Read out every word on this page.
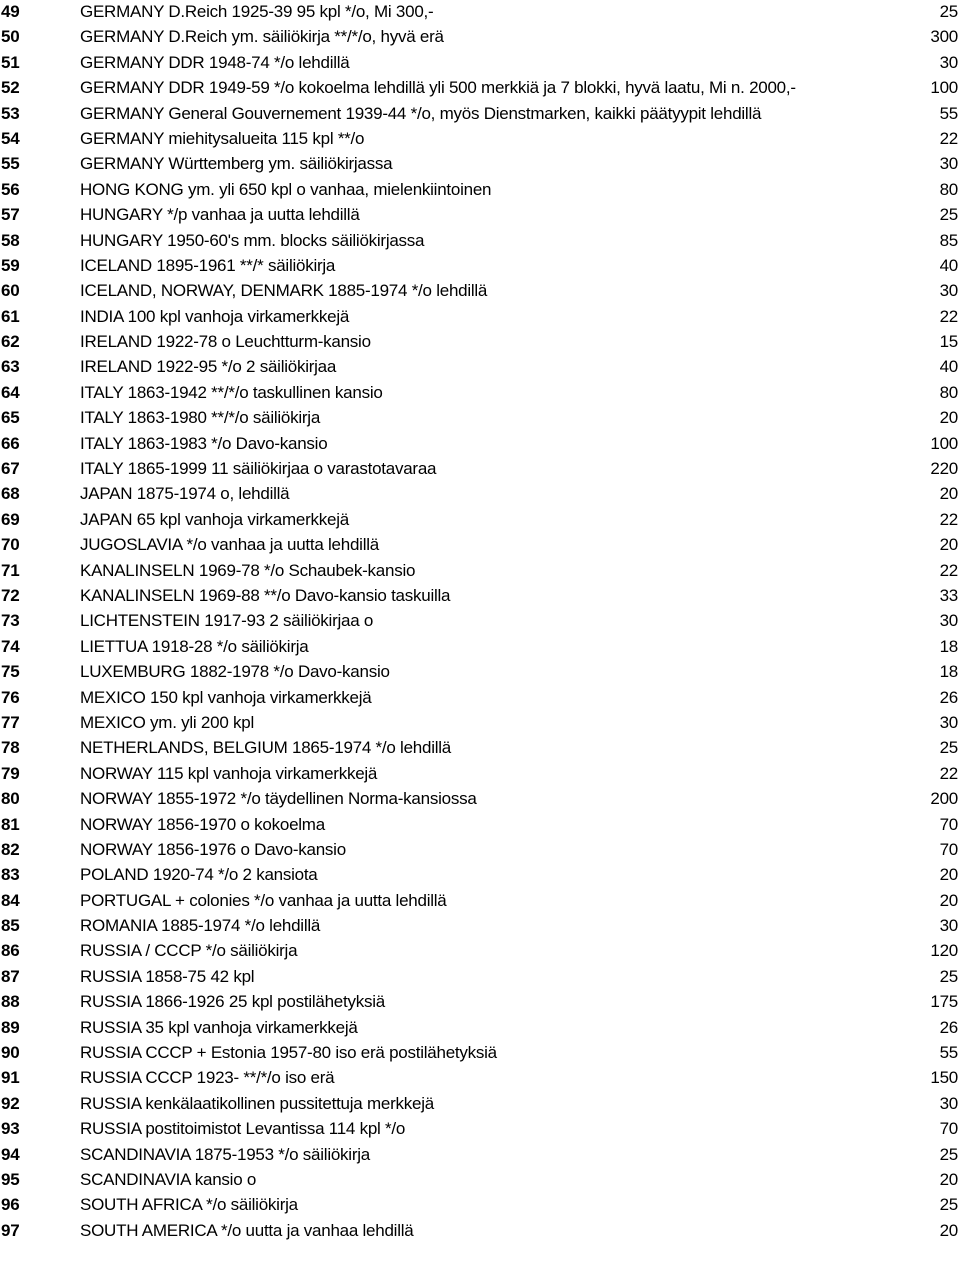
49	GERMANY D.Reich 1925-39 95 kpl */o, Mi 300,-	25
50	GERMANY D.Reich ym. säiliökirja **/*/o, hyvä erä	300
51	GERMANY DDR 1948-74 */o lehdillä	30
52	GERMANY DDR 1949-59 */o kokoelma lehdillä yli 500 merkkiä ja 7 blokki, hyvä laatu, Mi n. 2000,-	100
53	GERMANY General Gouvernement 1939-44 */o, myös Dienstmarken, kaikki päätyypit lehdillä	55
54	GERMANY miehitysalueita 115 kpl **/o	22
55	GERMANY Württemberg ym. säiliökirjassa	30
56	HONG KONG ym. yli 650 kpl o vanhaa, mielenkiintoinen	80
57	HUNGARY */p vanhaa ja uutta lehdillä	25
58	HUNGARY 1950-60's mm. blocks säiliökirjassa	85
59	ICELAND 1895-1961 **/* säiliökirja	40
60	ICELAND, NORWAY, DENMARK 1885-1974 */o lehdillä	30
61	INDIA 100 kpl vanhoja virkamerkkejä	22
62	IRELAND 1922-78 o Leuchtturm-kansio	15
63	IRELAND 1922-95 */o 2 säiliökirjaa	40
64	ITALY 1863-1942 **/*/o taskullinen kansio	80
65	ITALY 1863-1980 **/*/o säiliökirja	20
66	ITALY 1863-1983 */o Davo-kansio	100
67	ITALY 1865-1999 11 säiliökirjaa o varastotavaraa	220
68	JAPAN 1875-1974 o, lehdillä	20
69	JAPAN 65 kpl vanhoja virkamerkkejä	22
70	JUGOSLAVIA */o vanhaa ja uutta lehdillä	20
71	KANALINSELN 1969-78 */o Schaubek-kansio	22
72	KANALINSELN 1969-88 **/o Davo-kansio taskuilla	33
73	LICHTENSTEIN 1917-93 2 säiliökirjaa o	30
74	LIETTUA 1918-28 */o säiliökirja	18
75	LUXEMBURG 1882-1978 */o Davo-kansio	18
76	MEXICO 150 kpl vanhoja virkamerkkejä	26
77	MEXICO ym. yli 200 kpl	30
78	NETHERLANDS, BELGIUM 1865-1974 */o lehdillä	25
79	NORWAY 115 kpl vanhoja virkamerkkejä	22
80	NORWAY 1855-1972 */o täydellinen Norma-kansiossa	200
81	NORWAY 1856-1970 o kokoelma	70
82	NORWAY 1856-1976 o Davo-kansio	70
83	POLAND 1920-74 */o 2 kansiota	20
84	PORTUGAL + colonies */o vanhaa ja uutta lehdillä	20
85	ROMANIA 1885-1974 */o lehdillä	30
86	RUSSIA / CCCP */o säiliökirja	120
87	RUSSIA 1858-75 42 kpl	25
88	RUSSIA 1866-1926 25 kpl postilähetyksiä	175
89	RUSSIA 35 kpl vanhoja virkamerkkejä	26
90	RUSSIA CCCP + Estonia 1957-80 iso erä postilähetyksiä	55
91	RUSSIA CCCP 1923- **/*/o iso erä	150
92	RUSSIA kenkälaatikollinen pussitettuja merkkejä	30
93	RUSSIA postitoimistot Levantissa 114 kpl */o	70
94	SCANDINAVIA 1875-1953 */o säiliökirja	25
95	SCANDINAVIA kansio o	20
96	SOUTH AFRICA */o säiliökirja	25
97	SOUTH AMERICA */o uutta ja vanhaa lehdillä	20
